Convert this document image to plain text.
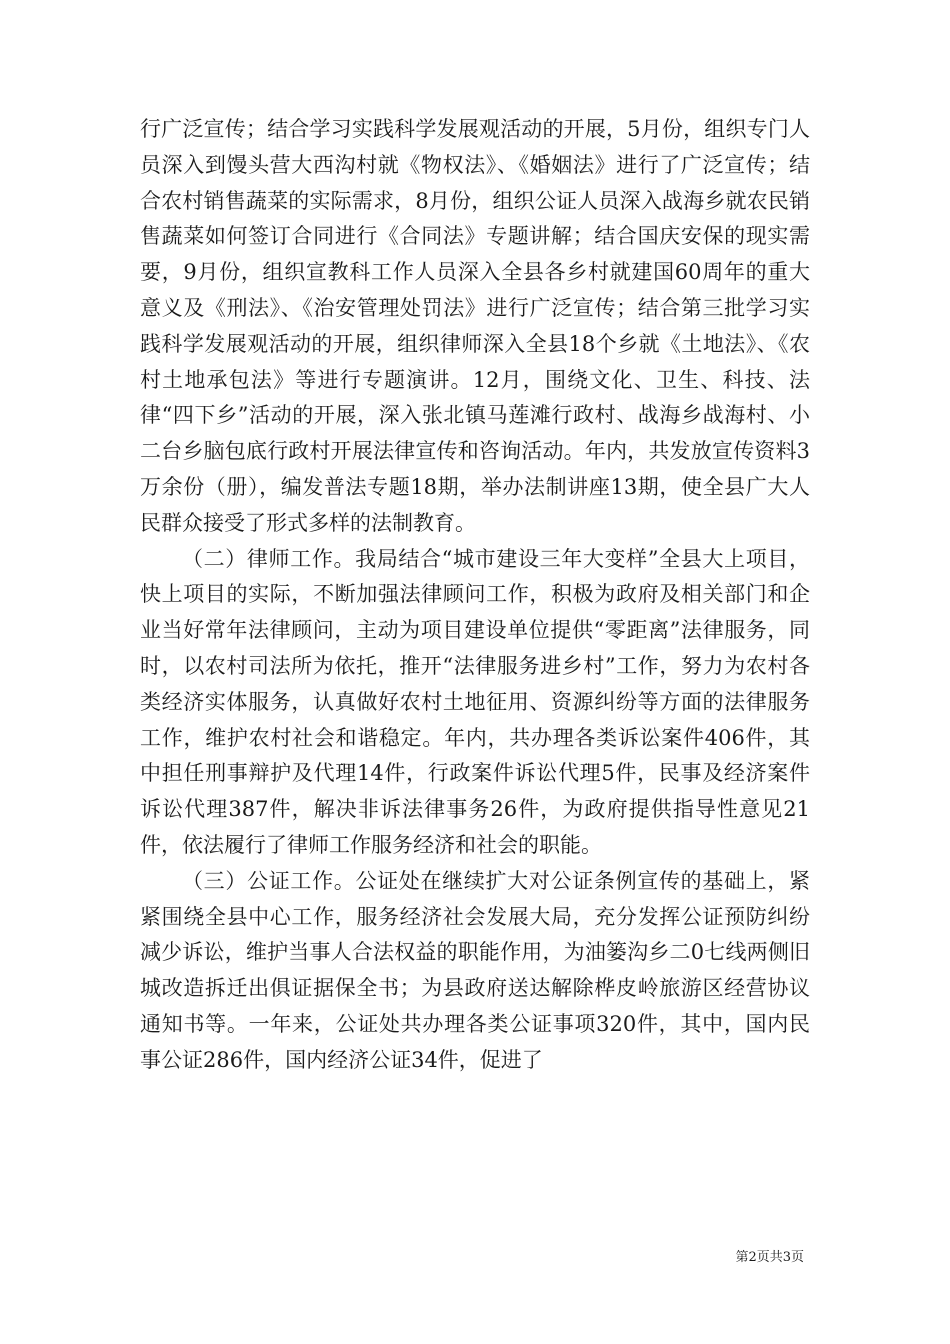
行广泛宣传；结合学习实践科学发展观活动的开展，5月份，组织专门人员深入到馒头营大西沟村就《物权法》、《婚姻法》进行了广泛宣传；结合农村销售蔬菜的实际需求，8月份，组织公证人员深入战海乡就农民销售蔬菜如何签订合同进行《合同法》专题讲解；结合国庆安保的现实需要，9月份，组织宣教科工作人员深入全县各乡村就建国60周年的重大意义及《刑法》、《治安管理处罚法》进行广泛宣传；结合第三批学习实践科学发展观活动的开展，组织律师深入全县18个乡就《土地法》、《农村土地承包法》等进行专题演讲。12月，围绕文化、卫生、科技、法律“四下乡”活动的开展，深入张北镇马莲滩行政村、战海乡战海村、小二台乡脑包底行政村开展法律宣传和咨询活动。年内，共发放宣传资料3万余份（册），编发普法专题18期，举办法制讲座13期，使全县广大人民群众接受了形式多样的法制教育。

（二）律师工作。我局结合“城市建设三年大变样”全县大上项目，快上项目的实际，不断加强法律顾问工作，积极为政府及相关部门和企业当好常年法律顾问，主动为项目建设单位提供“零距离”法律服务，同时，以农村司法所为依托，推开“法律服务进乡村”工作，努力为农村各类经济实体服务，认真做好农村土地征用、资源纠纷等方面的法律服务工作，维护农村社会和谐稳定。年内，共办理各类诉讼案件406件，其中担任刑事辩护及代理14件，行政案件诉讼代理5件，民事及经济案件诉讼代理387件，解决非诉法律事务26件，为政府提供指导性意见21件，依法履行了律师工作服务经济和社会的职能。

（三）公证工作。公证处在继续扩大对公证条例宣传的基础上，紧紧围绕全县中心工作，服务经济社会发展大局，充分发挥公证预防纠纷减少诉讼，维护当事人合法权益的职能作用，为油篓沟乡二0七线两侧旧城改造拆迁出俱证据保全书；为县政府送达解除桦皮岭旅游区经营协议通知书等。一年来，公证处共办理各类公证事项320件，其中，国内民事公证286件，国内经济公证34件，促进了

第2页共3页
